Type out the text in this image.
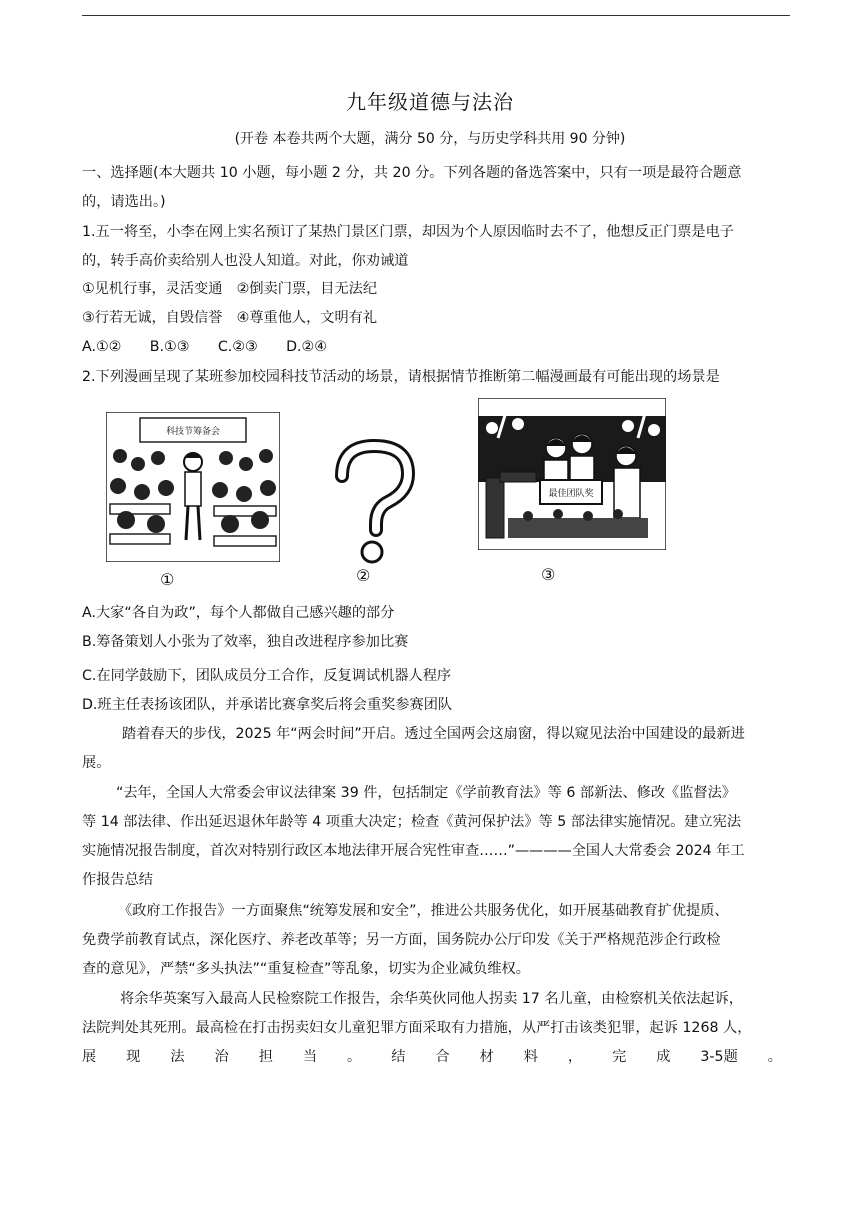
九年级道德与法治
(开卷 本卷共两个大题，满分 50 分，与历史学科共用 90 分钟)
一、选择题(本大题共 10 小题，每小题 2 分，共 20 分。下列各题的备选答案中，只有一项是最符合题意
的，请选出。)
1.五一将至，小李在网上实名预订了某热门景区门票，却因为个人原因临时去不了，他想反正门票是电子
的，转手高价卖给别人也没人知道。对此，你劝诫道
①见机行事，灵活变通　②倒卖门票，目无法纪
③行若无诚，自毁信誉　④尊重他人，文明有礼
A.①②　　B.①③　　C.②③　　D.②④
2.下列漫画呈现了某班参加校园科技节活动的场景，请根据情节推断第二幅漫画最有可能出现的场景是
科技节筹备会
①	②
最佳团队奖
③
A.大家“各自为政”，每个人都做自己感兴趣的部分
B.筹备策划人小张为了效率，独自改进程序参加比赛
C.在同学鼓励下，团队成员分工合作，反复调试机器人程序
D.班主任表扬该团队，并承诺比赛拿奖后将会重奖参赛团队
踏着春天的步伐，2025 年“两会时间”开启。透过全国两会这扇窗，得以窥见法治中国建设的最新进
展。
“去年，全国人大常委会审议法律案 39 件，包括制定《学前教育法》等 6 部新法、修改《监督法》
等 14 部法律、作出延迟退休年龄等 4 项重大决定；检查《黄河保护法》等 5 部法律实施情况。建立宪法
实施情况报告制度，首次对特别行政区本地法律开展合宪性审查……”————全国人大常委会 2024 年工
作报告总结
《政府工作报告》一方面聚焦“统筹发展和安全”，推进公共服务优化，如开展基础教育扩优提质、
免费学前教育试点，深化医疗、养老改革等；另一方面，国务院办公厅印发《关于严格规范涉企行政检
查的意见》，严禁“多头执法”“重复检查”等乱象，切实为企业减负维权。
将余华英案写入最高人民检察院工作报告，余华英伙同他人拐卖 17 名儿童，由检察机关依法起诉，
法院判处其死刑。最高检在打击拐卖妇女儿童犯罪方面采取有力措施，从严打击该类犯罪，起诉 1268 人，
展 现 法 治 担 当 。 结 合 材 料 ， 完 成 3-5题 。
